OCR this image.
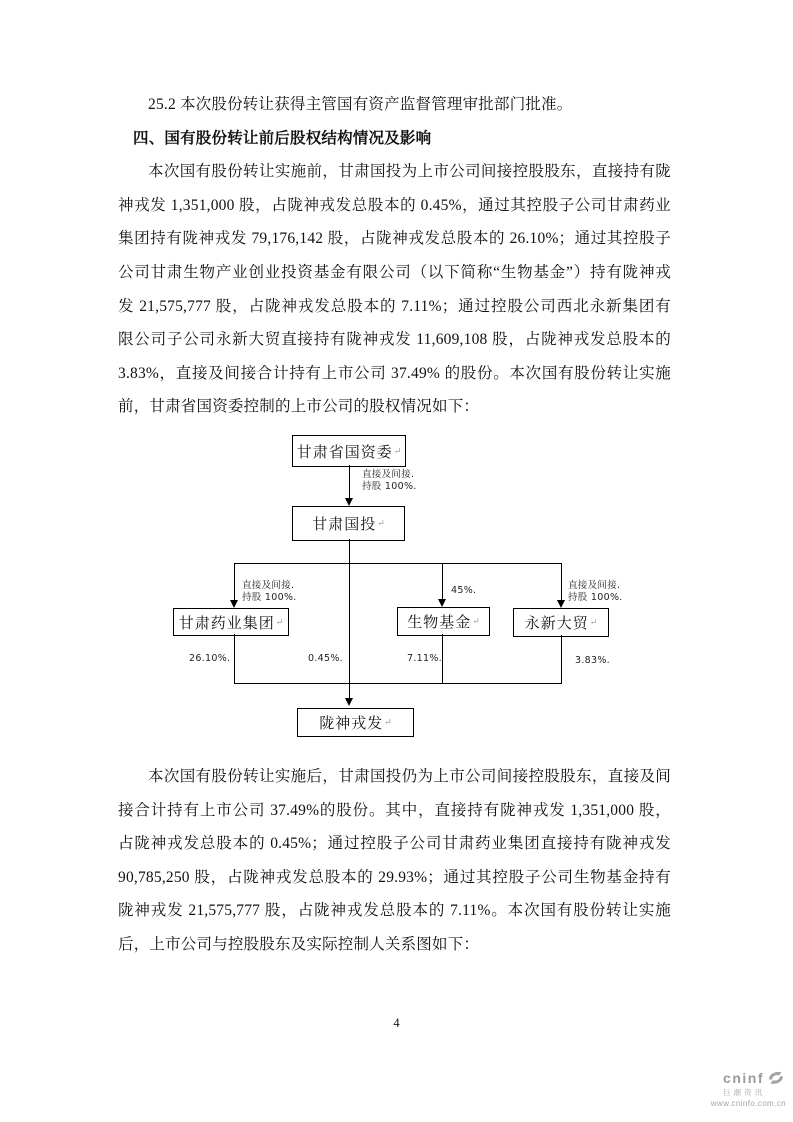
25.2 本次股份转让获得主管国有资产监督管理审批部门批准。
四、国有股份转让前后股权结构情况及影响
本次国有股份转让实施前，甘肃国投为上市公司间接控股股东，直接持有陇
神戎发 1,351,000 股，占陇神戎发总股本的 0.45%，通过其控股子公司甘肃药业
集团持有陇神戎发 79,176,142 股，占陇神戎发总股本的 26.10%；通过其控股子
公司甘肃生物产业创业投资基金有限公司（以下简称“生物基金”）持有陇神戎
发 21,575,777 股，占陇神戎发总股本的 7.11%；通过控股公司西北永新集团有
限公司子公司永新大贸直接持有陇神戎发 11,609,108 股，占陇神戎发总股本的
3.83%，直接及间接合计持有上市公司 37.49% 的股份。本次国有股份转让实施
前，甘肃省国资委控制的上市公司的股权情况如下：
甘肃省国资委 ↵
甘肃国投 ↵
甘肃药业集团 ↵	生物基金 ↵	永新大贸 ↵
陇神戎发 ↵
直接及间接.
持股 100%.
直接及间接.
持股 100%.
45%.	直接及间接.
持股 100%.
26.10%.	0.45%.	7.11%.	3.83%.
本次国有股份转让实施后，甘肃国投仍为上市公司间接控股股东，直接及间
接合计持有上市公司 37.49%的股份。其中，直接持有陇神戎发 1,351,000 股，
占陇神戎发总股本的 0.45%；通过控股子公司甘肃药业集团直接持有陇神戎发
90,785,250 股，占陇神戎发总股本的 29.93%；通过其控股子公司生物基金持有
陇神戎发 21,575,777 股，占陇神戎发总股本的 7.11%。本次国有股份转让实施
后，上市公司与控股股东及实际控制人关系图如下：
4
cninf
巨潮资讯
www.cninfo.com.cn
